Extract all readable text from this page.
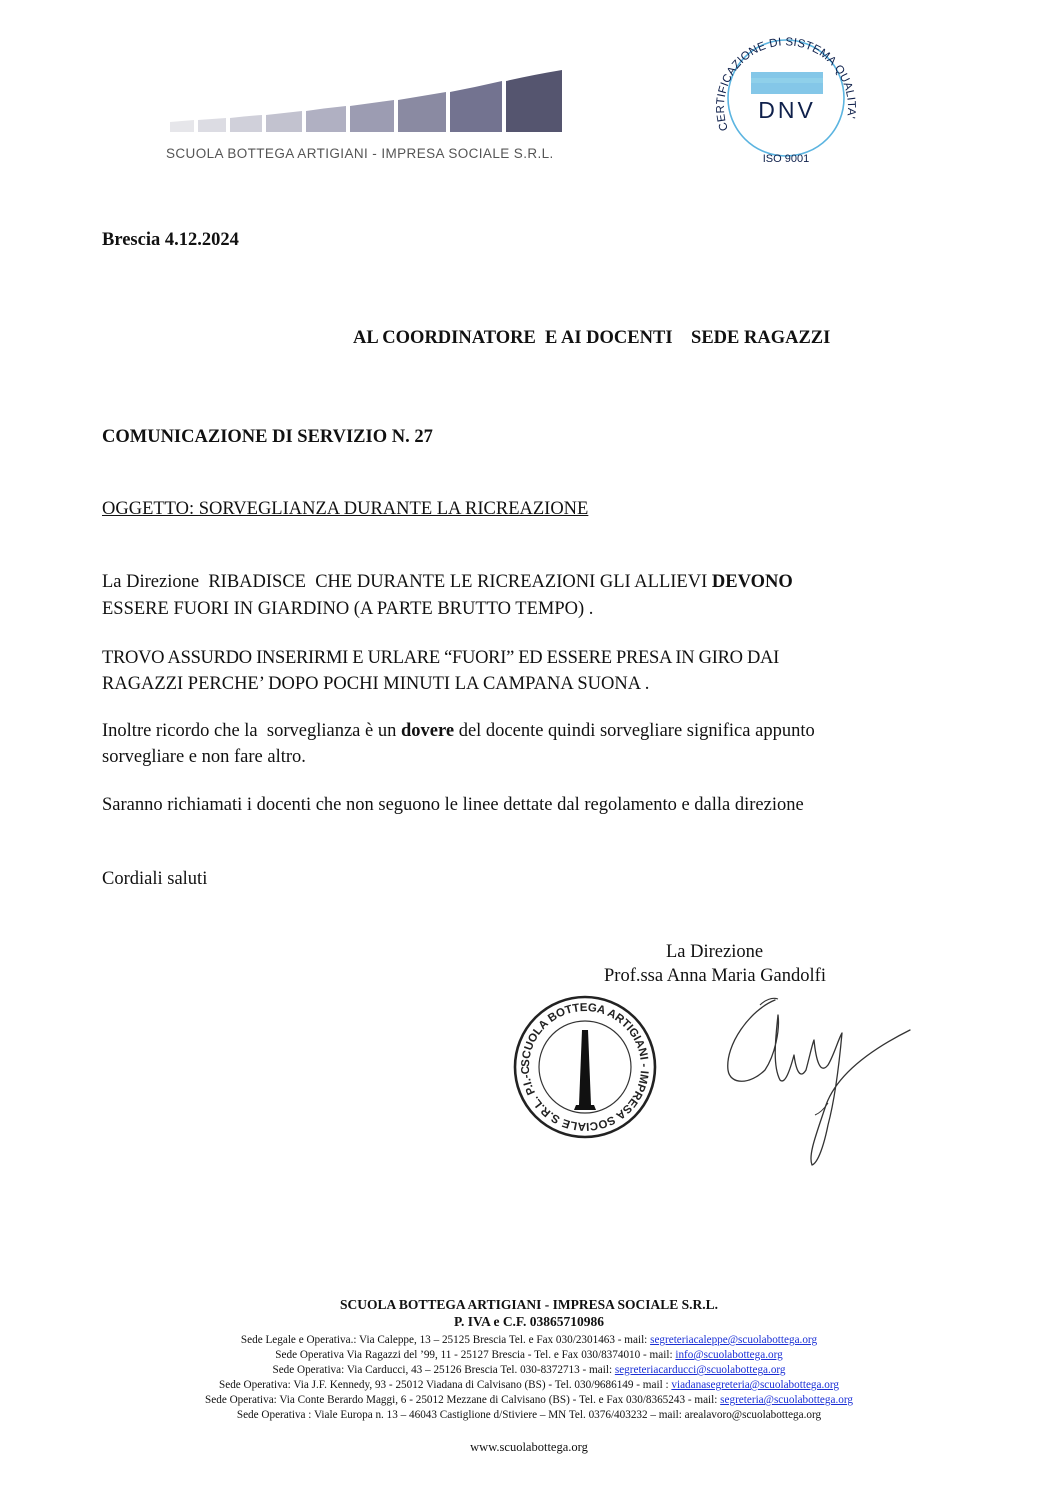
SCUOLA BOTTEGA ARTIGIANI - IMPRESA SOCIALE S.R.L.
CERTIFICAZIONE DI SISTEMA QUALITA'
DNV
ISO 9001
Brescia 4.12.2024
AL COORDINATORE  E AI DOCENTI    SEDE RAGAZZI
COMUNICAZIONE DI SERVIZIO N. 27
OGGETTO: SORVEGLIANZA DURANTE LA RICREAZIONE
La Direzione  RIBADISCE  CHE DURANTE LE RICREAZIONI GLI ALLIEVI DEVONO
ESSERE FUORI IN GIARDINO (A PARTE BRUTTO TEMPO) .
TROVO ASSURDO INSERIRMI E URLARE “FUORI” ED ESSERE PRESA IN GIRO DAI
RAGAZZI PERCHE’ DOPO POCHI MINUTI LA CAMPANA SUONA .
Inoltre ricordo che la  sorveglianza è un dovere del docente quindi sorvegliare significa appunto
sorvegliare e non fare altro.
Saranno richiamati i docenti che non seguono le linee dettate dal regolamento e dalla direzione
Cordiali saluti
La Direzione
Prof.ssa Anna Maria Gandolfi
SCUOLA BOTTEGA ARTIGIANI - IMPRESA SOCIALE S.R.L. P.I.-C
SCUOLA BOTTEGA ARTIGIANI - IMPRESA SOCIALE S.R.L.
P. IVA e C.F. 03865710986
Sede Legale e Operativa.: Via Caleppe, 13 – 25125 Brescia Tel. e Fax 030/2301463 - mail: segreteriacaleppe@scuolabottega.org
Sede Operativa Via Ragazzi del ’99, 11 - 25127 Brescia - Tel. e Fax 030/8374010 - mail: info@scuolabottega.org
Sede Operativa: Via Carducci, 43 – 25126 Brescia Tel. 030-8372713 - mail: segreteriacarducci@scuolabottega.org
Sede Operativa: Via J.F. Kennedy, 93 - 25012 Viadana di Calvisano (BS) - Tel. 030/9686149 - mail : viadanasegreteria@scuolabottega.org
Sede Operativa: Via Conte Berardo Maggi, 6 - 25012 Mezzane di Calvisano (BS) - Tel. e Fax 030/8365243 - mail: segreteria@scuolabottega.org
Sede Operativa : Viale Europa n. 13 – 46043 Castiglione d/Stiviere – MN Tel. 0376/403232 – mail: arealavoro@scuolabottega.org
www.scuolabottega.org
